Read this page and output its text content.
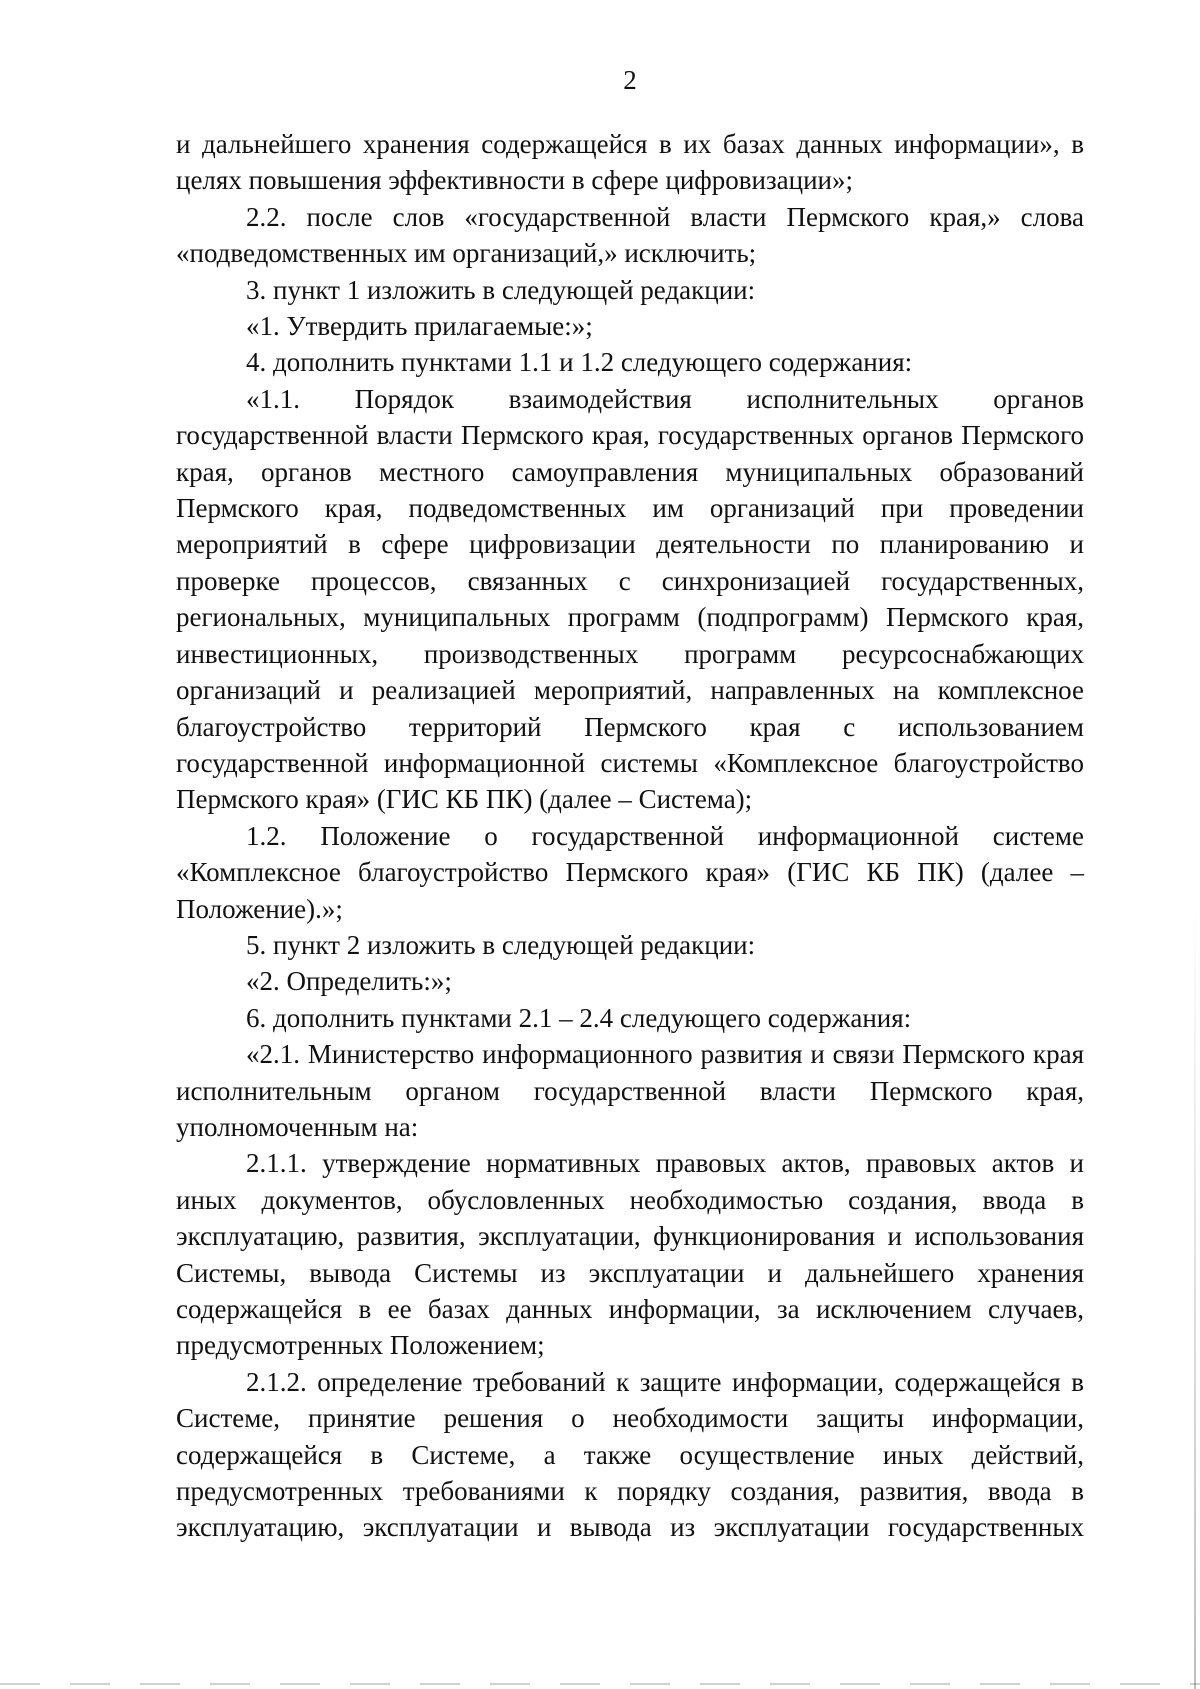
2

и дальнейшего хранения содержащейся в их базах данных информации», в целях повышения эффективности в сфере цифровизации»;

2.2. после слов «государственной власти Пермского края,» слова «подведомственных им организаций,» исключить;

3. пункт 1 изложить в следующей редакции:

«1. Утвердить прилагаемые:»;

4. дополнить пунктами 1.1 и 1.2 следующего содержания:

«1.1. Порядок взаимодействия исполнительных органов государственной власти Пермского края, государственных органов Пермского края, органов местного самоуправления муниципальных образований Пермского края, подведомственных им организаций при проведении мероприятий в сфере цифровизации деятельности по планированию и проверке процессов, связанных с синхронизацией государственных, региональных, муниципальных программ (подпрограмм) Пермского края, инвестиционных, производственных программ ресурсоснабжающих организаций и реализацией мероприятий, направленных на комплексное благоустройство территорий Пермского края с использованием государственной информационной системы «Комплексное благоустройство Пермского края» (ГИС КБ ПК) (далее – Система);

1.2. Положение о государственной информационной системе «Комплексное благоустройство Пермского края» (ГИС КБ ПК) (далее – Положение).»;

5. пункт 2 изложить в следующей редакции:

«2. Определить:»;

6. дополнить пунктами 2.1 – 2.4 следующего содержания:

«2.1. Министерство информационного развития и связи Пермского края исполнительным органом государственной власти Пермского края, уполномоченным на:

2.1.1. утверждение нормативных правовых актов, правовых актов и иных документов, обусловленных необходимостью создания, ввода в эксплуатацию, развития, эксплуатации, функционирования и использования Системы, вывода Системы из эксплуатации и дальнейшего хранения содержащейся в ее базах данных информации, за исключением случаев, предусмотренных Положением;

2.1.2. определение требований к защите информации, содержащейся в Системе, принятие решения о необходимости защиты информации, содержащейся в Системе, а также осуществление иных действий, предусмотренных требованиями к порядку создания, развития, ввода в эксплуатацию, эксплуатации и вывода из эксплуатации государственных
